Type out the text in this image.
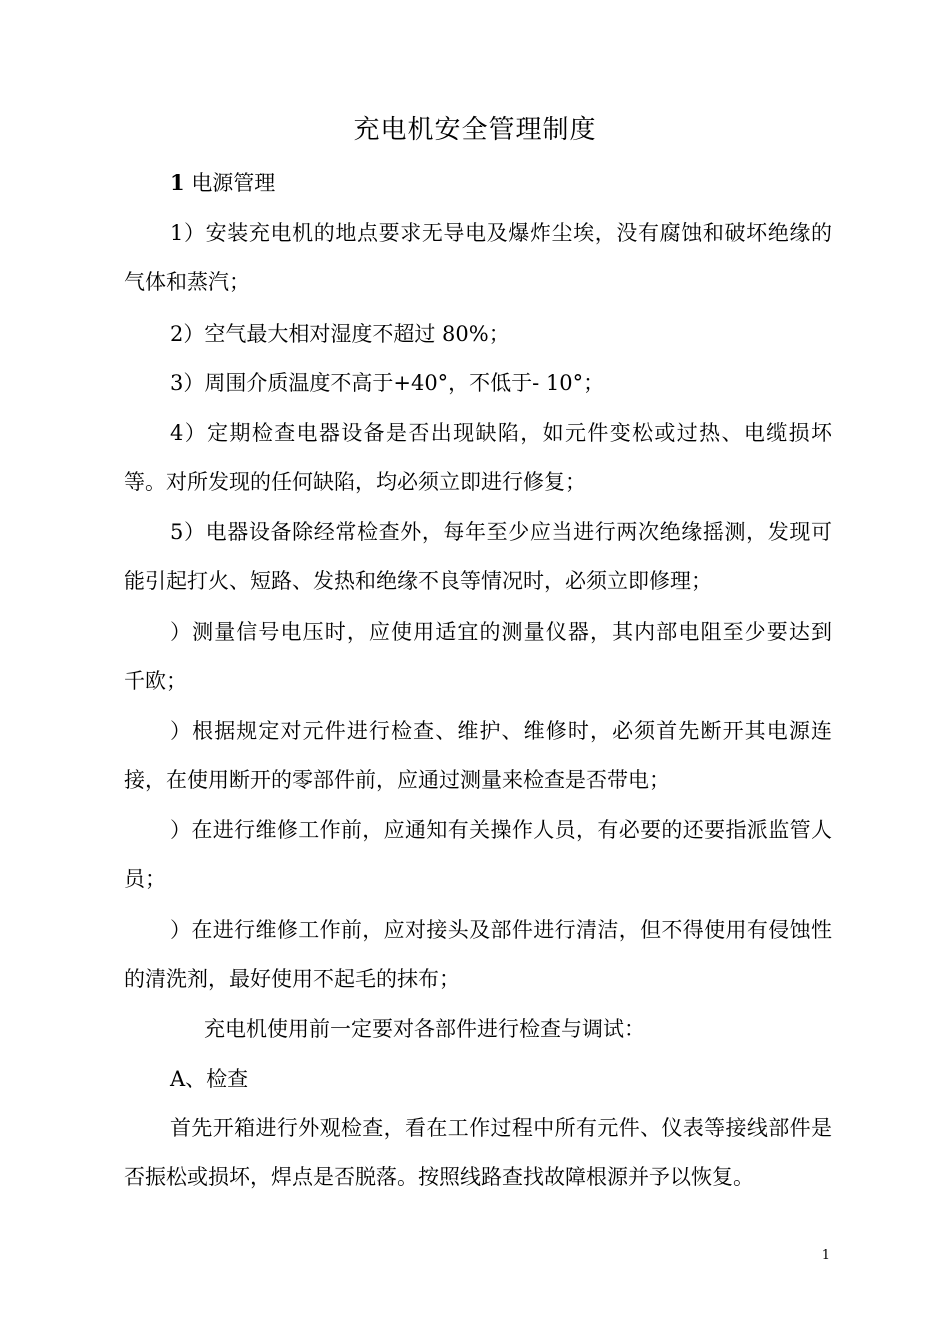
充电机安全管理制度

1 电源管理

1）安装充电机的地点要求无导电及爆炸尘埃，没有腐蚀和破坏绝缘的气体和蒸汽；

2）空气最大相对湿度不超过 80%；

3）周围介质温度不高于+40°，不低于- 10°；

4）定期检查电器设备是否出现缺陷，如元件变松或过热、电缆损坏等。对所发现的任何缺陷，均必须立即进行修复；

5）电器设备除经常检查外，每年至少应当进行两次绝缘摇测，发现可能引起打火、短路、发热和绝缘不良等情况时，必须立即修理；

）测量信号电压时，应使用适宜的测量仪器，其内部电阻至少要达到　　千欧；

）根据规定对元件进行检查、维护、维修时，必须首先断开其电源连接，在使用断开的零部件前，应通过测量来检查是否带电；

）在进行维修工作前，应通知有关操作人员，有必要的还要指派监管人员；

）在进行维修工作前，应对接头及部件进行清洁，但不得使用有侵蚀性的清洗剂，最好使用不起毛的抹布；

充电机使用前一定要对各部件进行检查与调试：

A、检查

首先开箱进行外观检查，看在工作过程中所有元件、仪表等接线部件是否振松或损坏，焊点是否脱落。按照线路查找故障根源并予以恢复。

1
